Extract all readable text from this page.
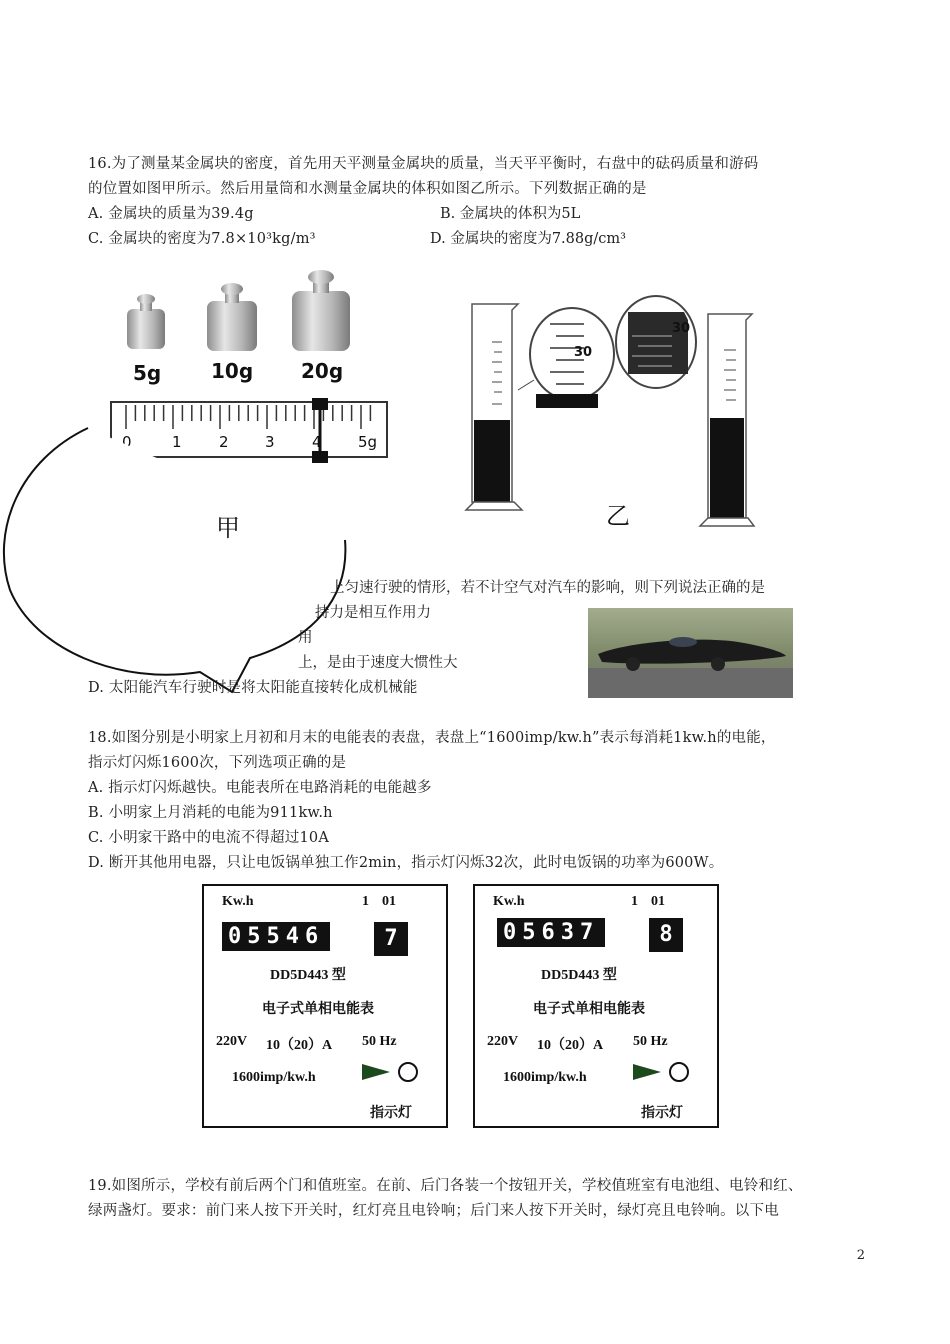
16.为了测量某金属块的密度，首先用天平测量金属块的质量，当天平平衡时，右盘中的砝码质量和游码
的位置如图甲所示。然后用量筒和水测量金属块的体积如图乙所示。下列数据正确的是
A. 金属块的质量为39.4g	B. 金属块的体积为5L
C. 金属块的密度为7.8×10³kg/m³	D. 金属块的密度为7.88g/cm³
5g 10g 20g
0	1 2 3 4 5g
甲
30
30
乙
上匀速行驶的情形，若不计空气对汽车的影响，则下列说法正确的是
持力是相互作用力
用
上，是由于速度大惯性大
D. 太阳能汽车行驶时是将太阳能直接转化成机械能
18.如图分别是小明家上月初和月末的电能表的表盘，表盘上“1600imp/kw.h”表示每消耗1kw.h的电能，
指示灯闪烁1600次，下列选项正确的是
A. 指示灯闪烁越快。电能表所在电路消耗的电能越多
B. 小明家上月消耗的电能为911kw.h
C. 小明家干路中的电流不得超过10A
D. 断开其他用电器，只让电饭锅单独工作2min，指示灯闪烁32次，此时电饭锅的功率为600W。
Kw.h	1 01
05546	7
DD5D443 型
电子式单相电能表
220V 10（20）A 50 Hz
1600imp/kw.h
指示灯
Kw.h	1 01
05637	8
DD5D443 型
电子式单相电能表
220V 10（20）A 50 Hz
1600imp/kw.h
指示灯
19.如图所示，学校有前后两个门和值班室。在前、后门各装一个按钮开关，学校值班室有电池组、电铃和红、
绿两盏灯。要求：前门来人按下开关时，红灯亮且电铃响；后门来人按下开关时，绿灯亮且电铃响。以下电
2
